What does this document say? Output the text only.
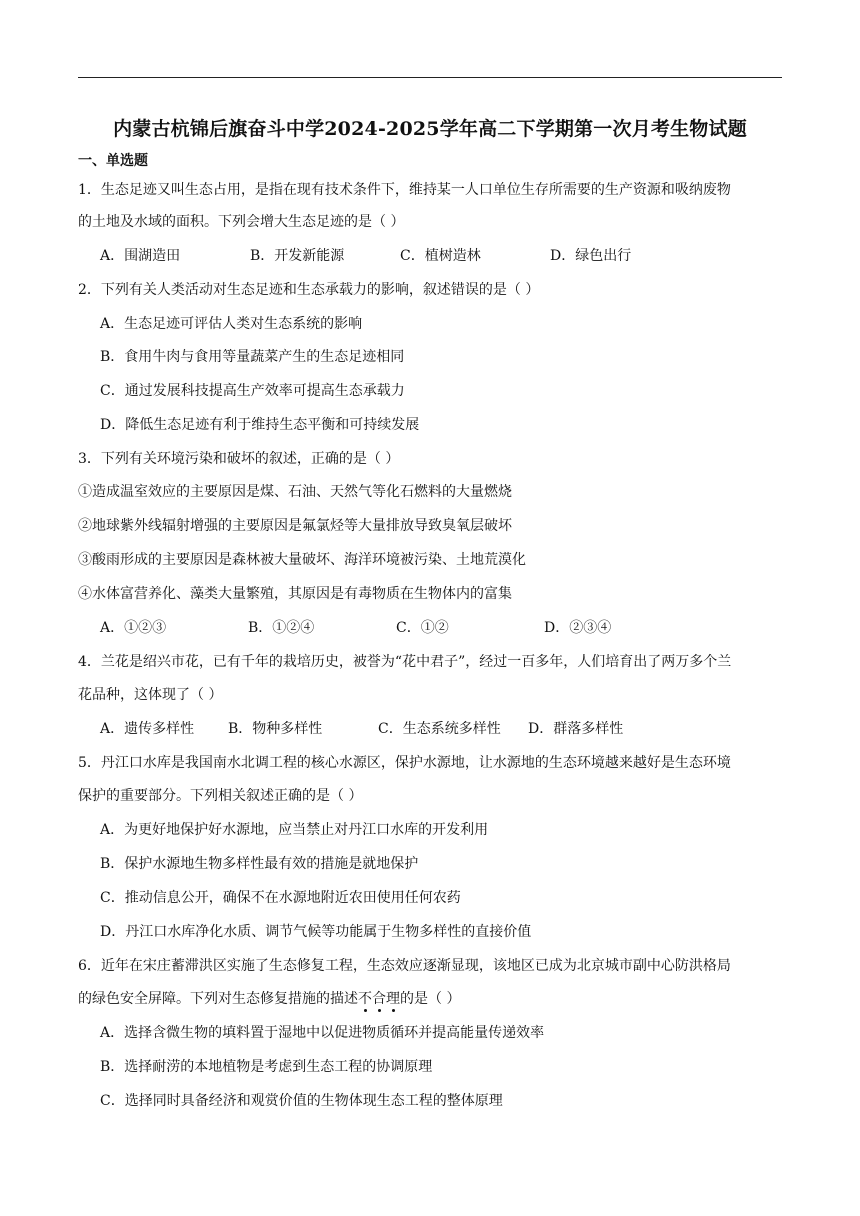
内蒙古杭锦后旗奋斗中学2024-2025学年高二下学期第一次月考生物试题
一、单选题
1．生态足迹又叫生态占用，是指在现有技术条件下，维持某一人口单位生存所需要的生产资源和吸纳废物
的土地及水域的面积。下列会增大生态足迹的是（ ）
A．围湖造田	B．开发新能源	C．植树造林	D．绿色出行
2．下列有关人类活动对生态足迹和生态承载力的影响，叙述错误的是（ ）
A．生态足迹可评估人类对生态系统的影响
B．食用牛肉与食用等量蔬菜产生的生态足迹相同
C．通过发展科技提高生产效率可提高生态承载力
D．降低生态足迹有利于维持生态平衡和可持续发展
3．下列有关环境污染和破坏的叙述，正确的是（ ）
①造成温室效应的主要原因是煤、石油、天然气等化石燃料的大量燃烧
②地球紫外线辐射增强的主要原因是氟氯烃等大量排放导致臭氧层破坏
③酸雨形成的主要原因是森林被大量破坏、海洋环境被污染、土地荒漠化
④水体富营养化、藻类大量繁殖，其原因是有毒物质在生物体内的富集
A．①②③	B．①②④	C．①②	D．②③④
4．兰花是绍兴市花，已有千年的栽培历史，被誉为“花中君子”，经过一百多年，人们培育出了两万多个兰
花品种，这体现了（ ）
A．遗传多样性	B．物种多样性	C．生态系统多样性	D．群落多样性
5．丹江口水库是我国南水北调工程的核心水源区，保护水源地，让水源地的生态环境越来越好是生态环境
保护的重要部分。下列相关叙述正确的是（ ）
A．为更好地保护好水源地，应当禁止对丹江口水库的开发利用
B．保护水源地生物多样性最有效的措施是就地保护
C．推动信息公开，确保不在水源地附近农田使用任何农药
D．丹江口水库净化水质、调节气候等功能属于生物多样性的直接价值
6．近年在宋庄蓄滞洪区实施了生态修复工程，生态效应逐渐显现，该地区已成为北京城市副中心防洪格局
的绿色安全屏障。下列对生态修复措施的描述不合理的是（ ）
A．选择含微生物的填料置于湿地中以促进物质循环并提高能量传递效率
B．选择耐涝的本地植物是考虑到生态工程的协调原理
C．选择同时具备经济和观赏价值的生物体现生态工程的整体原理
